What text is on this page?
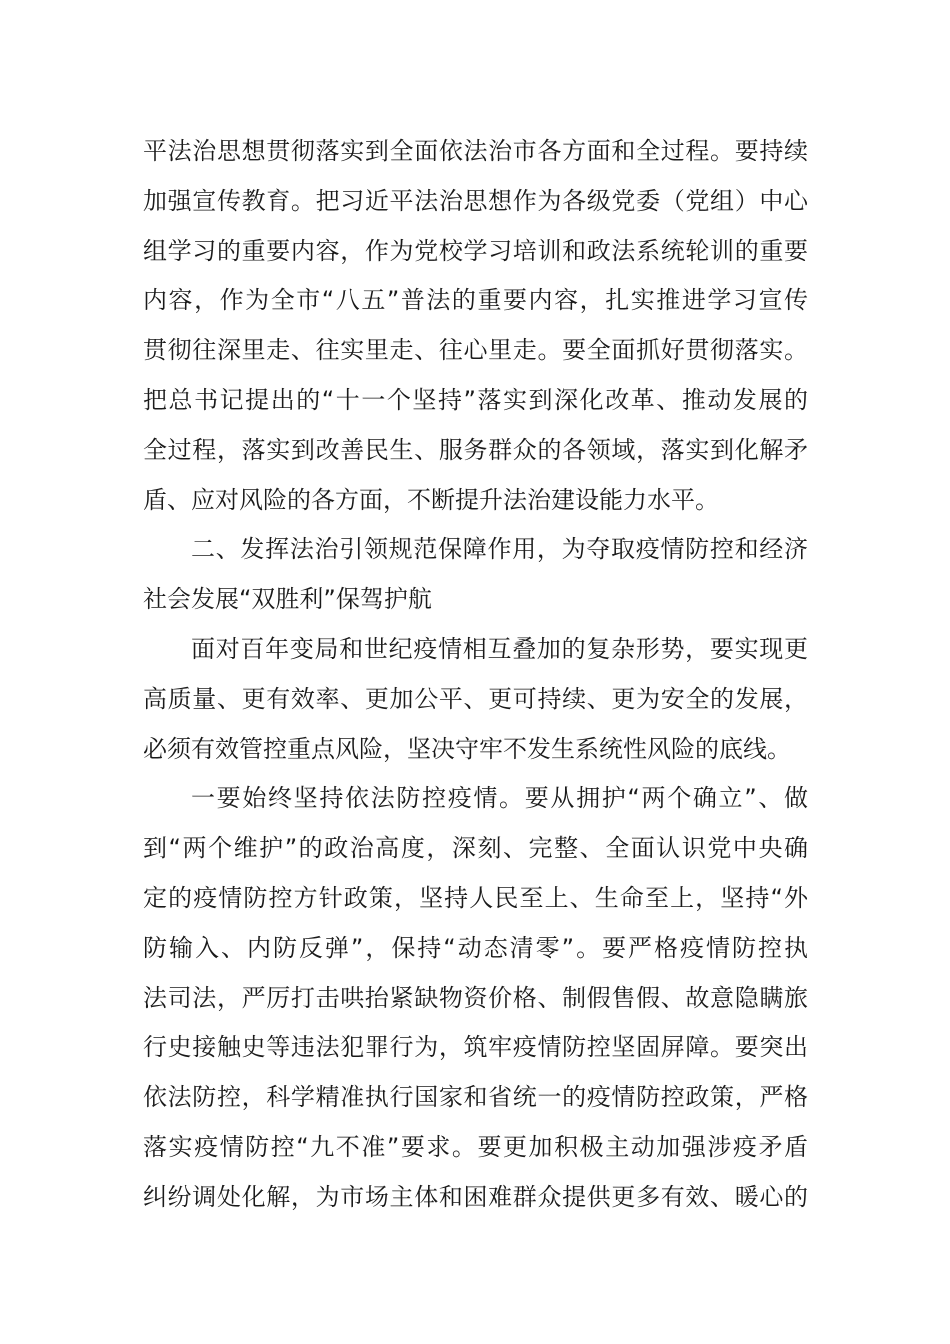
平法治思想贯彻落实到全面依法治市各方面和全过程。要持续
加强宣传教育。把习近平法治思想作为各级党委（党组）中心
组学习的重要内容，作为党校学习培训和政法系统轮训的重要
内容，作为全市“八五”普法的重要内容，扎实推进学习宣传
贯彻往深里走、往实里走、往心里走。要全面抓好贯彻落实。
把总书记提出的“十一个坚持”落实到深化改革、推动发展的
全过程，落实到改善民生、服务群众的各领域，落实到化解矛
盾、应对风险的各方面，不断提升法治建设能力水平。
二、发挥法治引领规范保障作用，为夺取疫情防控和经济
社会发展“双胜利”保驾护航
面对百年变局和世纪疫情相互叠加的复杂形势，要实现更
高质量、更有效率、更加公平、更可持续、更为安全的发展，
必须有效管控重点风险，坚决守牢不发生系统性风险的底线。
一要始终坚持依法防控疫情。要从拥护“两个确立”、做
到“两个维护”的政治高度，深刻、完整、全面认识党中央确
定的疫情防控方针政策，坚持人民至上、生命至上，坚持“外
防输入、内防反弹”，保持“动态清零”。要严格疫情防控执
法司法，严厉打击哄抬紧缺物资价格、制假售假、故意隐瞒旅
行史接触史等违法犯罪行为，筑牢疫情防控坚固屏障。要突出
依法防控，科学精准执行国家和省统一的疫情防控政策，严格
落实疫情防控“九不准”要求。要更加积极主动加强涉疫矛盾
纠纷调处化解，为市场主体和困难群众提供更多有效、暖心的
